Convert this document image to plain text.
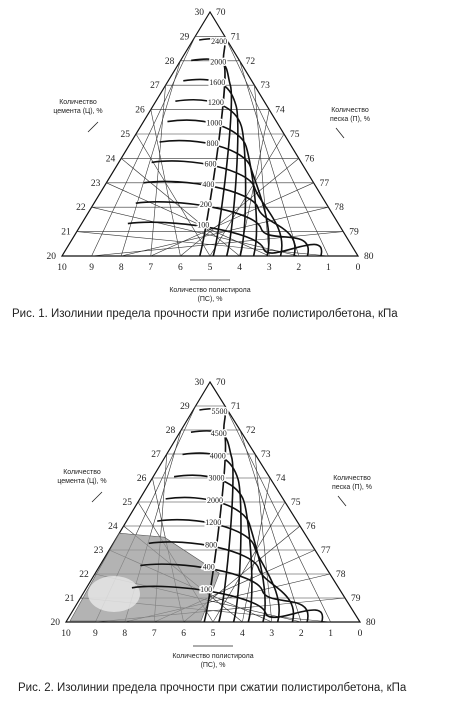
2400
2000
1600
1200
1000
800
600
400
200
100
30 70
10
29	71
9
28	72
8
27	73
7
26	74
6
25	75
5
24	76
4
23	77
3
22	78
2
21	79
1
20	80
0
Количество
цемента (Ц), %	Количество
песка (П), %
Количество полистирола
(ПС), %
Рис. 1. Изолинии предела прочности при изгибе полистиролбетона, кПа
5500
4500
4000
3000
2000
1200
800
400
100
30 70
10
29	71
9
28	72
8
27	73
7
26	74
6
25	75
5
24	76
4
23	77
3
22	78
2
21	79
1
20	80
0
Количество
цемента (Ц), %	Количество
песка (П), %
Количество полистирола
(ПС), %
Рис. 2. Изолинии предела прочности при сжатии полистиролбетона, кПа
